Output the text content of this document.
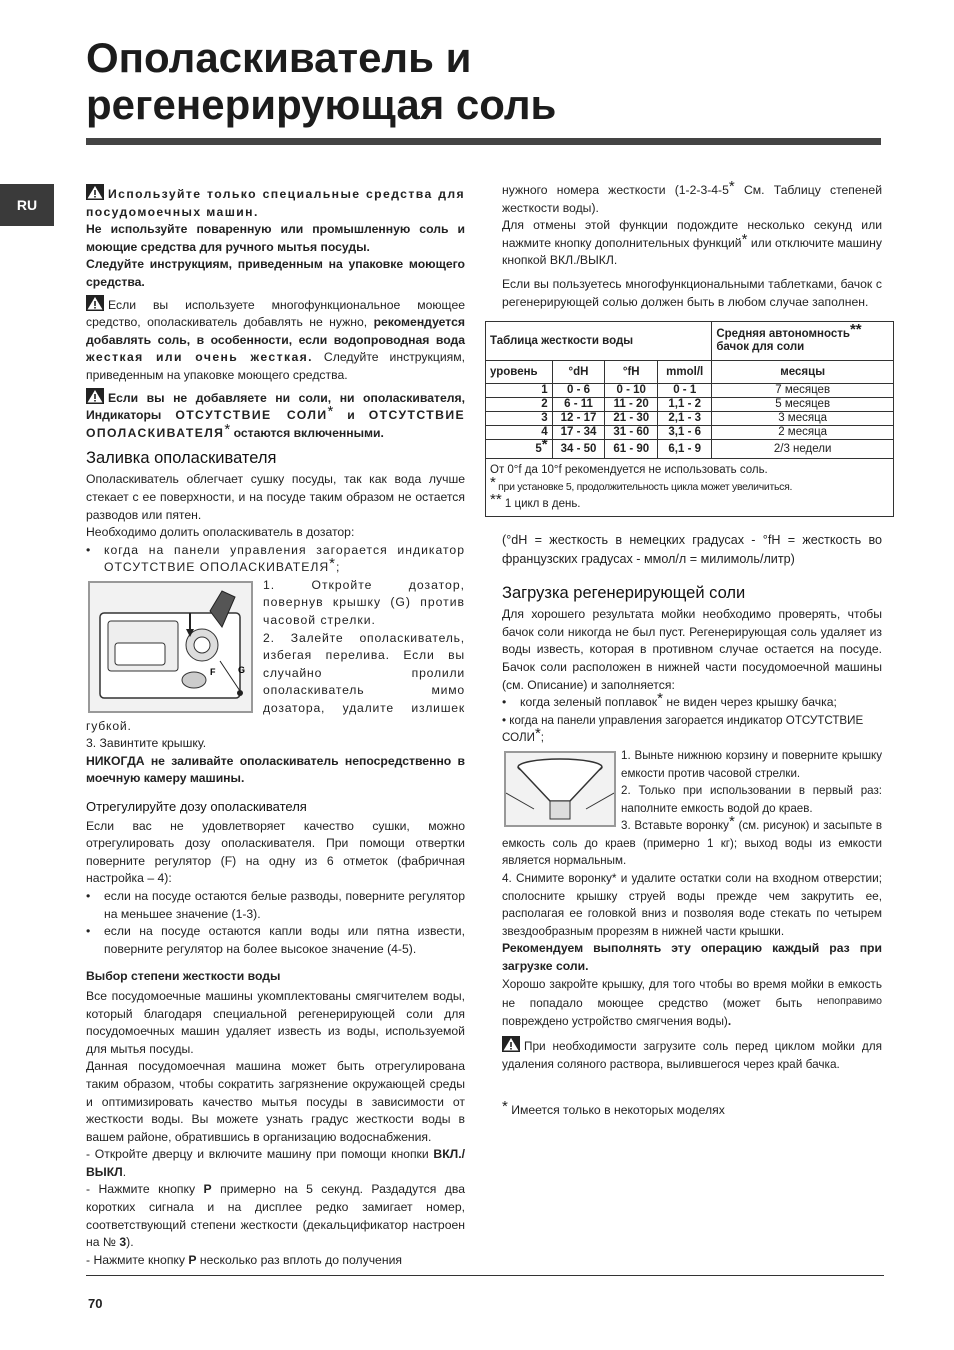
Ополаскиватель и
регенерирующая соль
RU

Используйте только специальные средства для посудомоечных машин.

Не используйте поваренную или промышленную соль и моющие средства для ручного мытья посуды.

Следуйте инструкциям, приведенным на упаковке моющего средства.

Если вы используете многофункциональное моющее средство, ополаскиватель добавлять не нужно, рекомендуется добавлять соль, в особенности, если водопроводная вода жесткая или очень жесткая. Следуйте инструкциям, приведенным на упаковке моющего средства.

Если вы не добавляете ни соли, ни ополаскивателя, Индикаторы ОТСУТСТВИЕ СОЛИ* и ОТСУТСТВИЕ ОПОЛАСКИВАТЕЛЯ* остаются включенными.

Заливка ополаскивателя

Ополаскиватель облегчает сушку посуды, так как вода лучше стекает с ее поверхности, и на посуде таким образом не остается разводов или пятен.

Необходимо долить ополаскиватель в дозатор:

• когда на панели управления загорается индикатор ОТСУТСТВИЕ ОПОЛАСКИВАТЕЛЯ*;

G
F

1. Откройте дозатор, повернув крышку (G) против часовой стрелки.

2. Залейте ополаскиватель, избегая перелива. Если вы случайно пролили ополаскиватель мимо дозатора, удалите излишек губкой.

3. Завинтите крышку.

НИКОГДА не заливайте ополаскиватель непосредственно в моечную камеру машины.

Отрегулируйте дозу ополаскивателя

Если вас не удовлетворяет качество сушки, можно отрегулировать дозу ополаскивателя. При помощи отвертки поверните регулятор (F) на одну из 6 отметок (фабричная настройка – 4):

• если на посуде остаются белые разводы, поверните регулятор на меньшее значение (1-3).

• если на посуде остаются капли воды или пятна извести, поверните регулятор на более высокое значение (4-5).

Выбор степени жесткости воды

Все посудомоечные машины укомплектованы смягчителем воды, который благодаря специальной регенерирующей соли для посудомоечных машин удаляет известь из воды, используемой для мытья посуды.

Данная посудомоечная машина может быть отрегулирована таким образом, чтобы сократить загрязнение окружающей среды и оптимизировать качество мытья посуды в зависимости от жесткости воды. Вы можете узнать градус жесткости воды в вашем районе, обратившись в организацию водоснабжения.

- Откройте дверцу и включите машину при помощи кнопки ВКЛ./ВЫКЛ.

- Нажмите кнопку P примерно на 5 секунд. Раздадутся два коротких сигнала и на дисплее редко замигает номер, соответствующий степени жесткости (декальцификатор настроен на № 3).

- Нажмите кнопку P несколько раз вплоть до получения

нужного номера жесткости (1-2-3-4-5* См. Таблицу степеней жесткости воды).

Для отмены этой функции подождите несколько секунд или нажмите кнопку дополнительных функций* или отключите машину кнопкой ВКЛ./ВЫКЛ.

Если вы пользуетесь многофункциональными таблетками, бачок с регенерирующей солью должен быть в любом случае заполнен.

Таблица жесткости воды				Средняя автономность**
бачок для соли
уровень	°dH	°fH	mmol/l	месяцы
1	0 - 6	0 - 10	0 - 1	7 месяцев
2	6 - 11	11 - 20	1,1 - 2	5 месяцев
3	12 - 17	21 - 30	2,1 - 3	3 месяца
4	17 - 34	31 - 60	3,1 - 6	2 месяца
5*	34 - 50	61 - 90	6,1 - 9	2/3 недели

От 0°f да 10°f рекомендуется не использовать соль.
* при установке 5, продолжительность цикла может увеличиться.
** 1 цикл в день.				

(°dH = жесткость в немецких градусах - °fH = жесткость во французских градусах - ммол/л = милимоль/литр)

Загрузка регенерирующей соли

Для хорошего результата мойки необходимо проверять, чтобы бачок соли никогда не был пуст. Регенерирующая соль удаляет из воды известь, которая в противном случае остается на посуде. Бачок соли расположен в нижней части посудомоечной машины (см. Описание) и заполняется:

• когда зеленый поплавок* не виден через крышку бачка;

• когда на панели управления загорается индикатор ОТСУТСТВИЕ СОЛИ*;

1. Выньте нижнюю корзину и поверните крышку емкости против часовой стрелки.

2. Только при использовании в первый раз: наполните емкость водой до краев.

3. Вставьте воронку* (см. рисунок) и засыпьте в емкость соль до краев (примерно 1 кг); выход воды из емкости является нормальным.

4. Снимите воронку* и удалите остатки соли на входном отверстии; сполосните крышку струей воды прежде чем закрутить ее, располагая ее головкой вниз и позволяя воде стекать по четырем звездообразным прорезям в нижней части крышки.

Рекомендуем выполнять эту операцию каждый раз при загрузке соли.

Хорошо закройте крышку, для того чтобы во время мойки в емкость не попадало моющее средство (может быть непоправимо повреждено устройство смягчения воды).

При необходимости загрузите соль перед циклом мойки для удаления соляного раствора, вылившегося через край бачка.

* Имеется только в некоторых моделях

70
